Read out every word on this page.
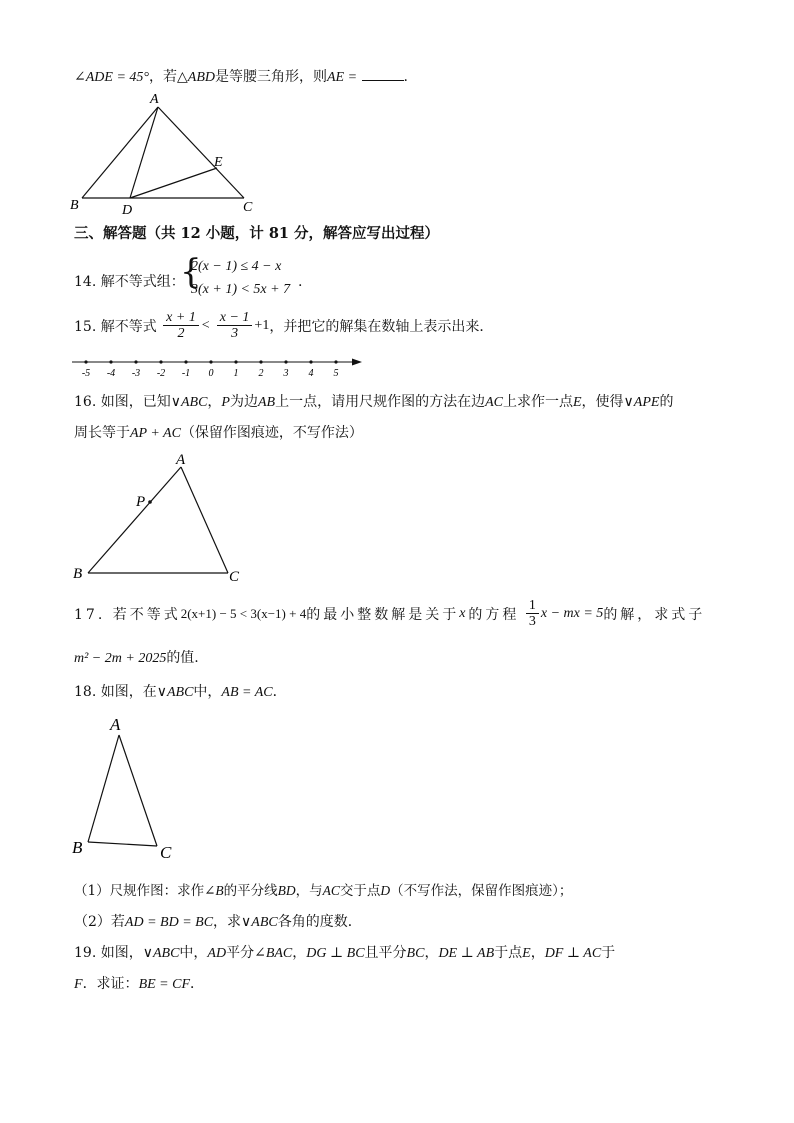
∠ADE = 45°，若△ABD是等腰三角形，则AE =	.
A
B	C
D
E
三、解答题（共 12 小题，计 81 分，解答应写出过程）
14. 解不等式组：
{
2(x − 1) ≤ 4 − x
3(x + 1) < 5x + 7 .
15. 解不等式 $\frac{x + 1}{2} < \frac{x - 1}{3} +1$，并把它的解集在数轴上表示出来．
-5 -4 -3 -2 -1 0 1 2 3 4 5
16. 如图，已知∨ABC，P为边AB上一点，请用尺规作图的方法在边AC上求作一点E，使得∨APE的
周长等于AP + AC（保留作图痕迹，不写作法）
A
P
B	C
17. 若不等式2(x+1) − 5 < 3(x−1) + 4的最小整数解是关于x 的方程 $\frac{1}{3}$ x − mx = 5的解，求式子
m² − 2m + 2025的值.
18. 如图，在∨ABC中，AB = AC．
A
B	C
（1）尺规作图：求作∠B的平分线BD，与AC交于点D（不写作法，保留作图痕迹）；
（2）若AD = BD = BC，求∨ABC各角的度数．
19. 如图，∨ABC中，AD平分∠BAC，DG ⊥ BC且平分BC，DE ⊥ AB于点E，DF ⊥ AC于
F．求证：BE = CF．
